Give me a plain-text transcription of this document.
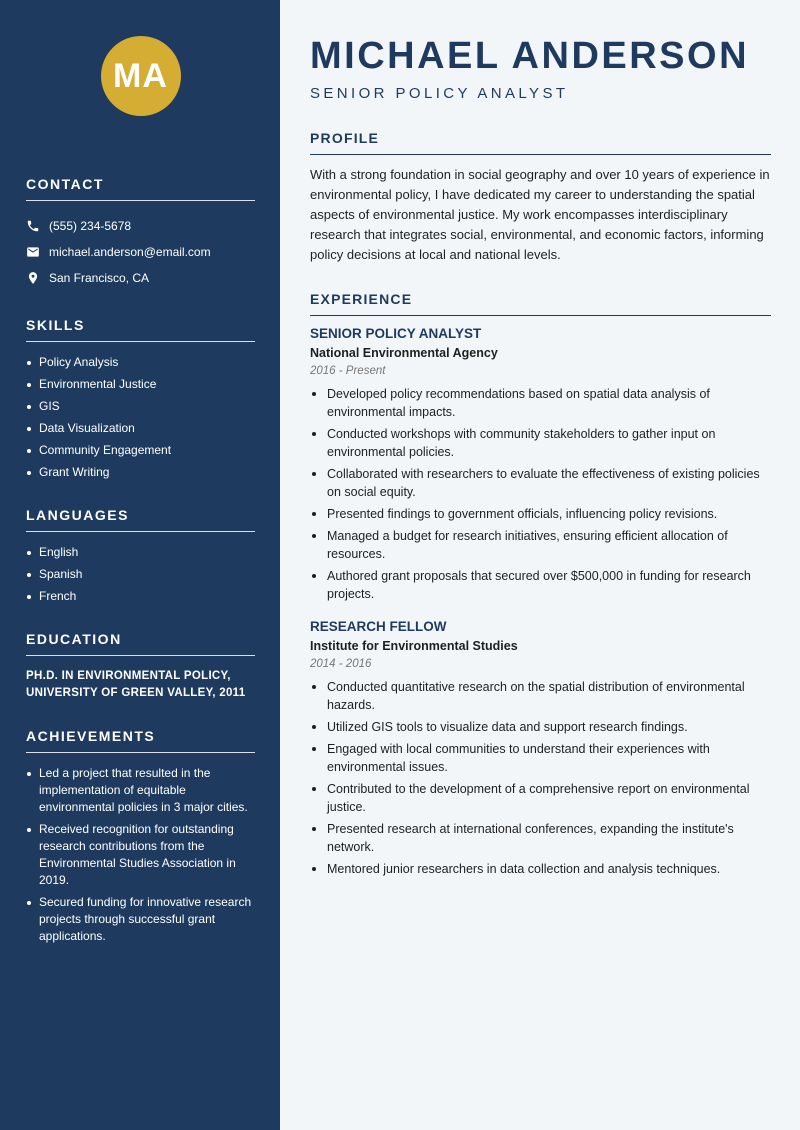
MA
CONTACT
(555) 234-5678
michael.anderson@email.com
San Francisco, CA
SKILLS
Policy Analysis
Environmental Justice
GIS
Data Visualization
Community Engagement
Grant Writing
LANGUAGES
English
Spanish
French
EDUCATION

PH.D. IN ENVIRONMENTAL POLICY, UNIVERSITY OF GREEN VALLEY, 2011

ACHIEVEMENTS
Led a project that resulted in the implementation of equitable environmental policies in 3 major cities.
Received recognition for outstanding research contributions from the Environmental Studies Association in 2019.
Secured funding for innovative research projects through successful grant applications.
MICHAEL ANDERSON
SENIOR POLICY ANALYST
PROFILE

With a strong foundation in social geography and over 10 years of experience in environmental policy, I have dedicated my career to understanding the spatial aspects of environmental justice. My work encompasses interdisciplinary research that integrates social, environmental, and economic factors, informing policy decisions at local and national levels.

EXPERIENCE
SENIOR POLICY ANALYST
National Environmental Agency
2016 - Present
Developed policy recommendations based on spatial data analysis of environmental impacts.
Conducted workshops with community stakeholders to gather input on environmental policies.
Collaborated with researchers to evaluate the effectiveness of existing policies on social equity.
Presented findings to government officials, influencing policy revisions.
Managed a budget for research initiatives, ensuring efficient allocation of resources.
Authored grant proposals that secured over $500,000 in funding for research projects.
RESEARCH FELLOW
Institute for Environmental Studies
2014 - 2016
Conducted quantitative research on the spatial distribution of environmental hazards.
Utilized GIS tools to visualize data and support research findings.
Engaged with local communities to understand their experiences with environmental issues.
Contributed to the development of a comprehensive report on environmental justice.
Presented research at international conferences, expanding the institute's network.
Mentored junior researchers in data collection and analysis techniques.
